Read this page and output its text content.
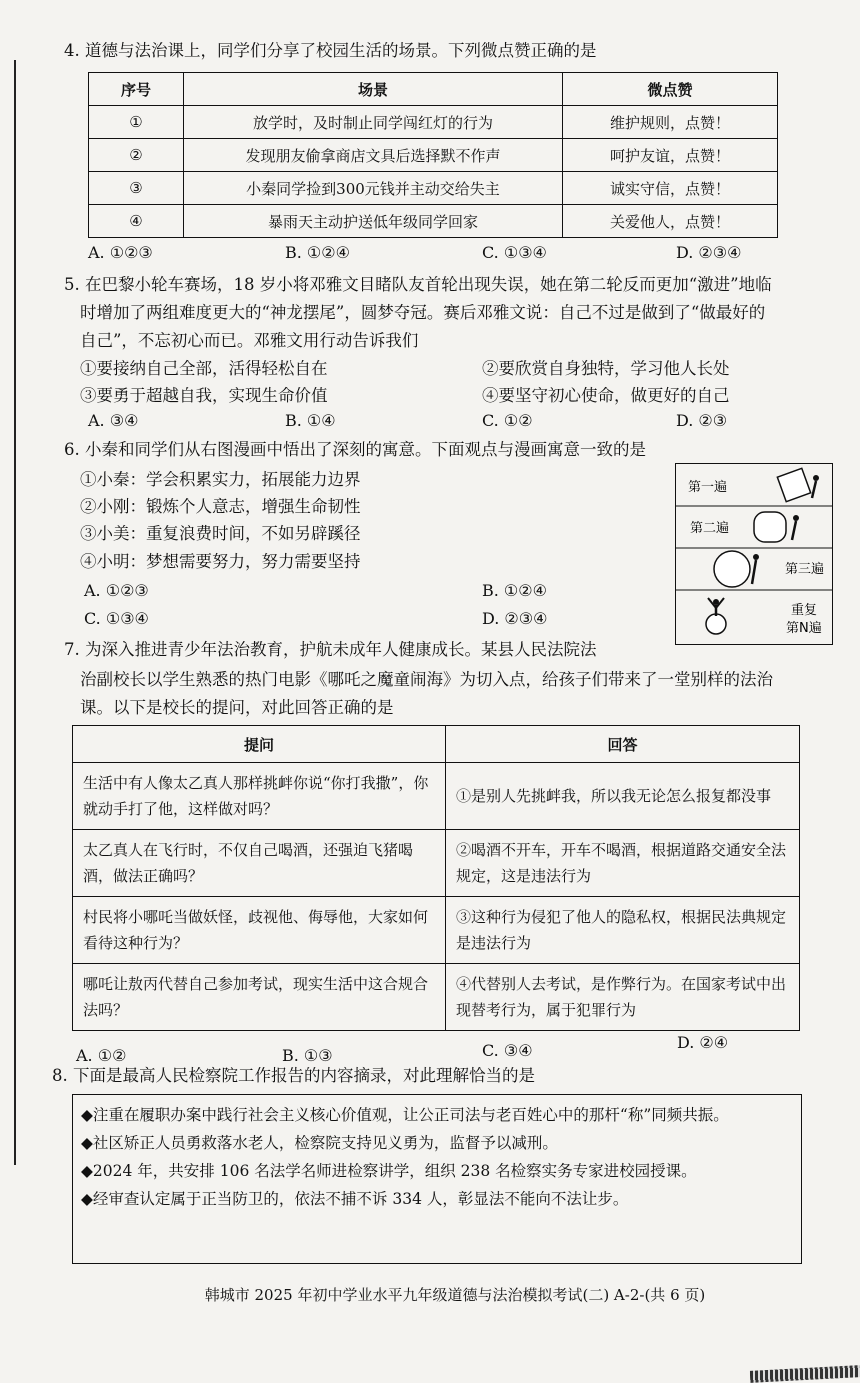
4. 道德与法治课上，同学们分享了校园生活的场景。下列微点赞正确的是
序号	场景	微点赞
①	放学时，及时制止同学闯红灯的行为	维护规则，点赞！
②	发现朋友偷拿商店文具后选择默不作声	呵护友谊，点赞！
③	小秦同学捡到300元钱并主动交给失主	诚实守信，点赞！
④	暴雨天主动护送低年级同学回家	关爱他人，点赞！
A. ①②③	B. ①②④	C. ①③④	D. ②③④
5. 在巴黎小轮车赛场，18 岁小将邓雅文目睹队友首轮出现失误，她在第二轮反而更加“激进”地临
时增加了两组难度更大的“神龙摆尾”，圆梦夺冠。赛后邓雅文说：自己不过是做到了“做最好的
自己”，不忘初心而已。邓雅文用行动告诉我们
①要接纳自己全部，活得轻松自在	②要欣赏自身独特，学习他人长处
③要勇于超越自我，实现生命价值	④要坚守初心使命，做更好的自己
A. ③④	B. ①④	C. ①②	D. ②③
6. 小秦和同学们从右图漫画中悟出了深刻的寓意。下面观点与漫画寓意一致的是
①小秦：学会积累实力，拓展能力边界
②小刚：锻炼个人意志，增强生命韧性
③小美：重复浪费时间，不如另辟蹊径
④小明：梦想需要努力，努力需要坚持
A. ①②③	B. ①②④
C. ①③④	D. ②③④
第一遍
第二遍
第三遍
重复
第N遍
7. 为深入推进青少年法治教育，护航未成年人健康成长。某县人民法院法
治副校长以学生熟悉的热门电影《哪吒之魔童闹海》为切入点，给孩子们带来了一堂别样的法治
课。以下是校长的提问，对此回答正确的是
提问	回答
生活中有人像太乙真人那样挑衅你说“你打我撒”，你就动手打了他，这样做对吗？	①是别人先挑衅我，所以我无论怎么报复都没事
太乙真人在飞行时，不仅自己喝酒，还强迫飞猪喝酒，做法正确吗？	②喝酒不开车，开车不喝酒，根据道路交通安全法规定，这是违法行为
村民将小哪吒当做妖怪，歧视他、侮辱他，大家如何看待这种行为？	③这种行为侵犯了他人的隐私权，根据民法典规定是违法行为
哪吒让敖丙代替自己参加考试，现实生活中这合规合法吗？	④代替别人去考试，是作弊行为。在国家考试中出现替考行为，属于犯罪行为
A. ①②	B. ①③	C. ③④	D. ②④
8. 下面是最高人民检察院工作报告的内容摘录，对此理解恰当的是

◆注重在履职办案中践行社会主义核心价值观，让公正司法与老百姓心中的那杆“称”同频共振。

◆社区矫正人员勇救落水老人，检察院支持见义勇为，监督予以减刑。

◆2024 年，共安排 106 名法学名师进检察讲学，组织 238 名检察实务专家进校园授课。

◆经审查认定属于正当防卫的，依法不捕不诉 334 人，彰显法不能向不法让步。

韩城市 2025 年初中学业水平九年级道德与法治模拟考试(二) A-2-(共 6 页)
